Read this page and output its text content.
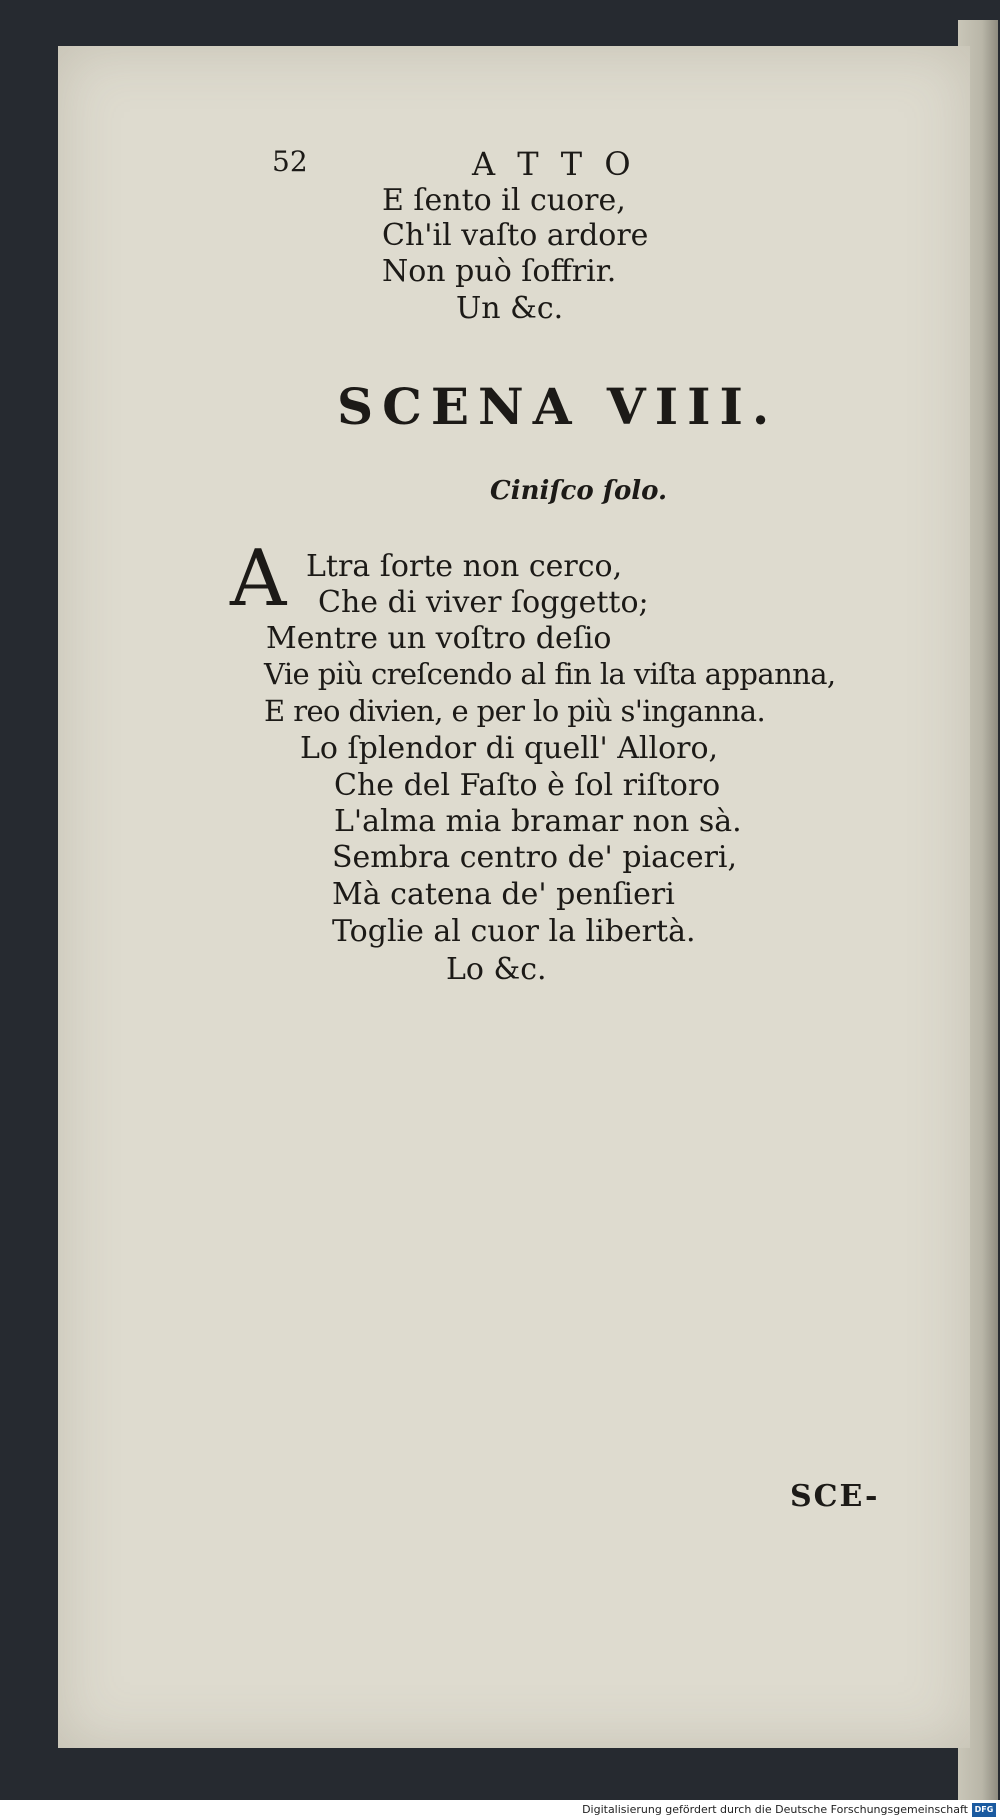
52	A T T O
E ſento il cuore,
Ch'il vaſto ardore
Non può ſoffrir.
Un &c.
SCENA VIII.
Ciniſco ſolo.
A Ltra ſorte non cerco,
Che di viver ſoggetto;
Mentre un voſtro deſio
Vie più creſcendo al fin la viſta appanna,
E reo divien, e per lo più s'inganna.
Lo ſplendor di quell' Alloro,
Che del Faſto è ſol riſtoro
L'alma mia bramar non sà.
Sembra centro de' piaceri,
Mà catena de' penſieri
Toglie al cuor la libertà.
Lo &c.
SCE-
Digitalisierung gefördert durch die Deutsche Forschungsgemeinschaft DFG
